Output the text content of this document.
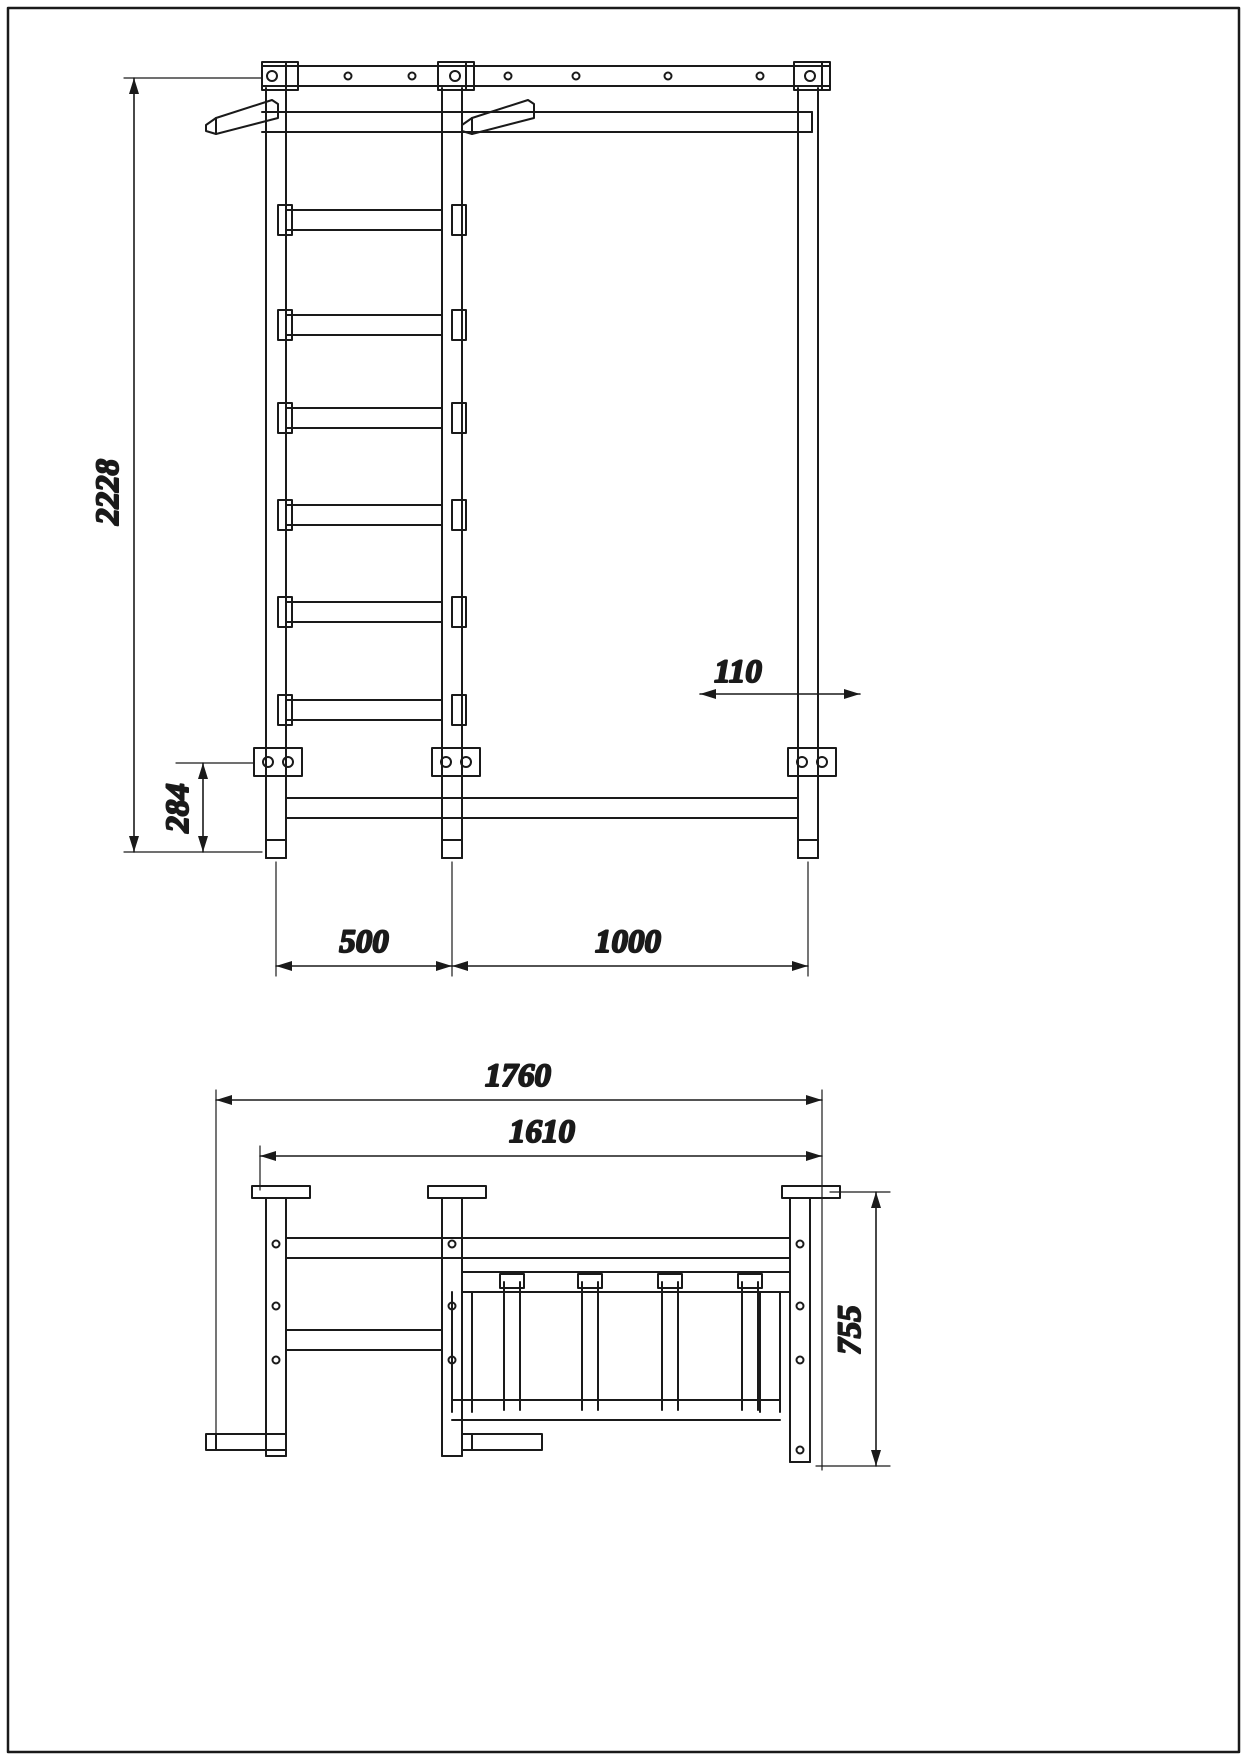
2228
284
110
500	1000
1760
1610
755
